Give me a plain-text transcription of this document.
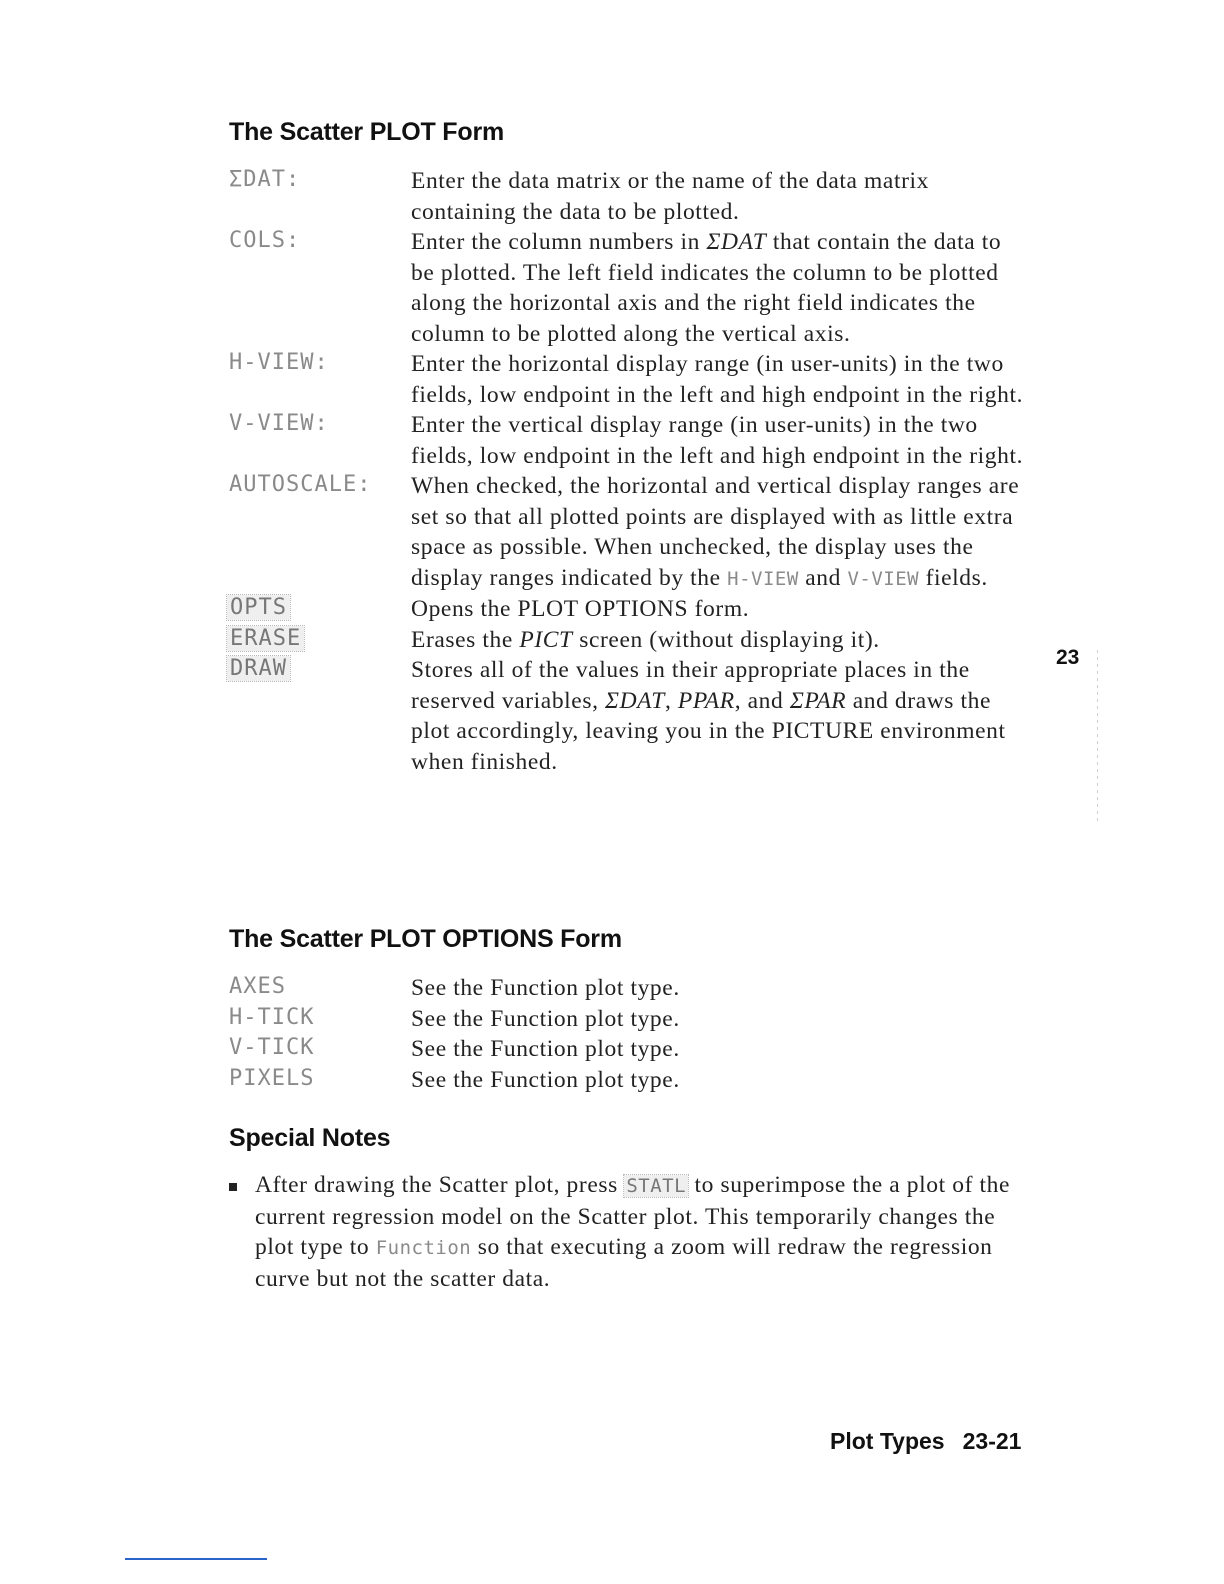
The Scatter PLOT Form
ΣDAT:	Enter the data matrix or the name of the data matrix containing the data to be plotted.
COLS:	Enter the column numbers in ΣDAT that contain the data to be plotted. The left field indicates the column to be plotted along the horizontal axis and the right field indicates the column to be plotted along the vertical axis.
H-VIEW:	Enter the horizontal display range (in user-units) in the two fields, low endpoint in the left and high endpoint in the right.
V-VIEW:	Enter the vertical display range (in user-units) in the two fields, low endpoint in the left and high endpoint in the right.
AUTOSCALE: When checked, the horizontal and vertical display ranges are set so that all plotted points are displayed with as little extra space as possible. When unchecked, the display uses the display ranges indicated by the H-VIEW and V-VIEW fields.
OPTS	Opens the PLOT OPTIONS form.
ERASE	Erases the PICT screen (without displaying it).
DRAW	Stores all of the values in their appropriate places in the reserved variables, ΣDAT, PPAR, and ΣPAR and draws the plot accordingly, leaving you in the PICTURE environment when finished.
The Scatter PLOT OPTIONS Form
AXES	See the Function plot type.
H-TICK	See the Function plot type.
V-TICK	See the Function plot type.
PIXELS	See the Function plot type.
Special Notes
After drawing the Scatter plot, press STATL to superimpose the a plot of the current regression model on the Scatter plot. This temporarily changes the plot type to Function so that executing a zoom will redraw the regression curve but not the scatter data.
23
Plot Types 23-21
